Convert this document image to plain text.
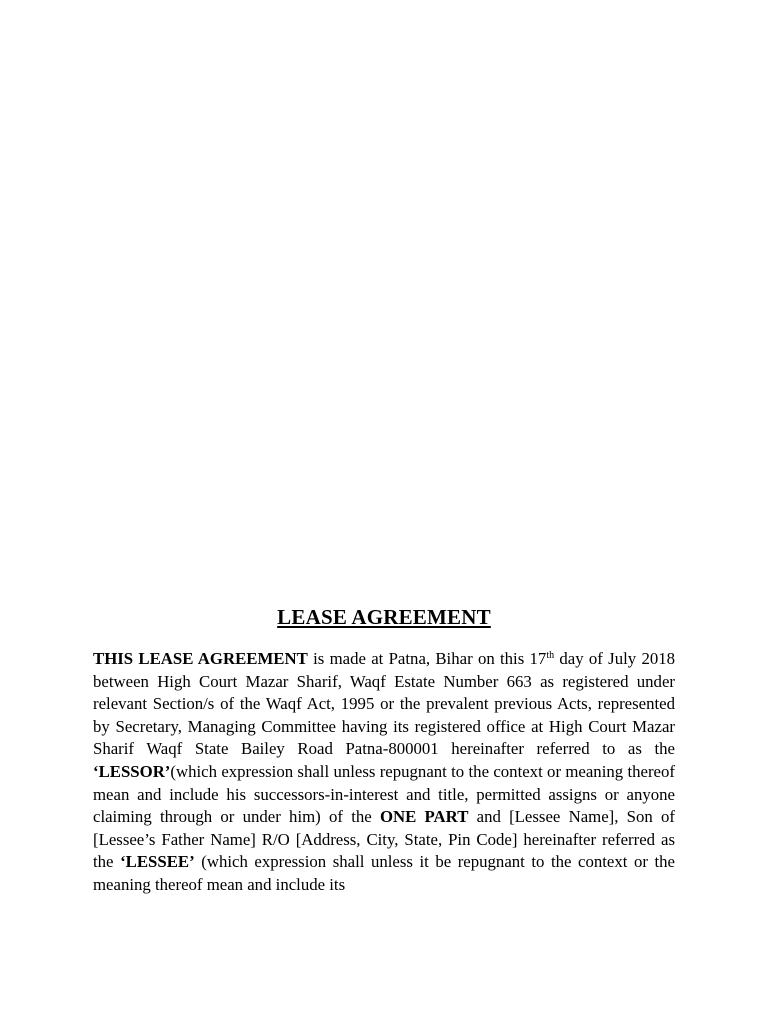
LEASE AGREEMENT

THIS LEASE AGREEMENT is made at Patna, Bihar on this 17th day of July 2018 between High Court Mazar Sharif, Waqf Estate Number 663 as registered under relevant Section/s of the Waqf Act, 1995 or the prevalent previous Acts, represented by Secretary, Managing Committee having its registered office at High Court Mazar Sharif Waqf State Bailey Road Patna-800001 hereinafter referred to as the ‘LESSOR’(which expression shall unless repugnant to the context or meaning thereof mean and include his successors-in-interest and title, permitted assigns or anyone claiming through or under him) of the ONE PART and [Lessee Name], Son of [Lessee’s Father Name] R/O [Address, City, State, Pin Code] hereinafter referred as the ‘LESSEE’ (which expression shall unless it be repugnant to the context or the meaning thereof mean and include its
